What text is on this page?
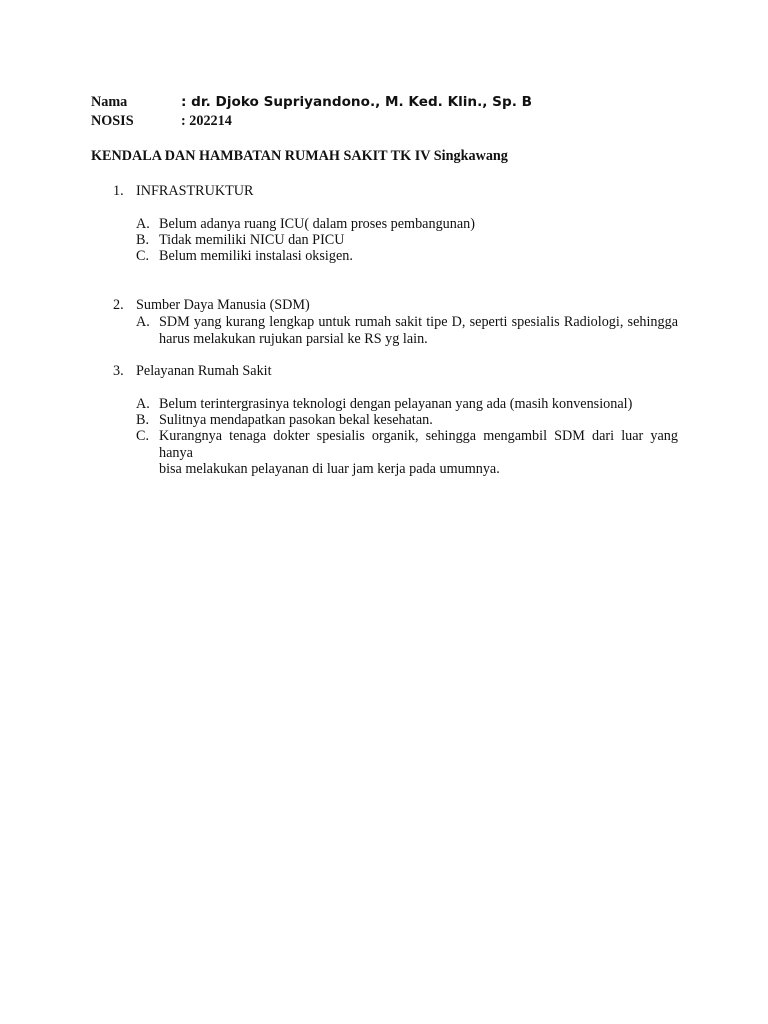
Nama	: dr. Djoko Supriyandono., M. Ked. Klin., Sp. B
NOSIS	: 202214
KENDALA DAN HAMBATAN RUMAH SAKIT TK IV Singkawang
1. INFRASTRUKTUR
A. Belum adanya ruang ICU( dalam proses pembangunan)
B. Tidak memiliki NICU dan PICU
C. Belum memiliki instalasi oksigen.
2. Sumber Daya Manusia (SDM)
A. SDM yang kurang lengkap untuk rumah sakit tipe D, seperti spesialis Radiologi, sehingga
harus melakukan rujukan parsial ke RS yg lain.
3. Pelayanan Rumah Sakit
A. Belum terintergrasinya teknologi dengan pelayanan yang ada (masih konvensional)
B. Sulitnya mendapatkan pasokan bekal kesehatan.
C. Kurangnya tenaga dokter spesialis organik, sehingga mengambil SDM dari luar yang hanya
bisa melakukan pelayanan di luar jam kerja pada umumnya.
